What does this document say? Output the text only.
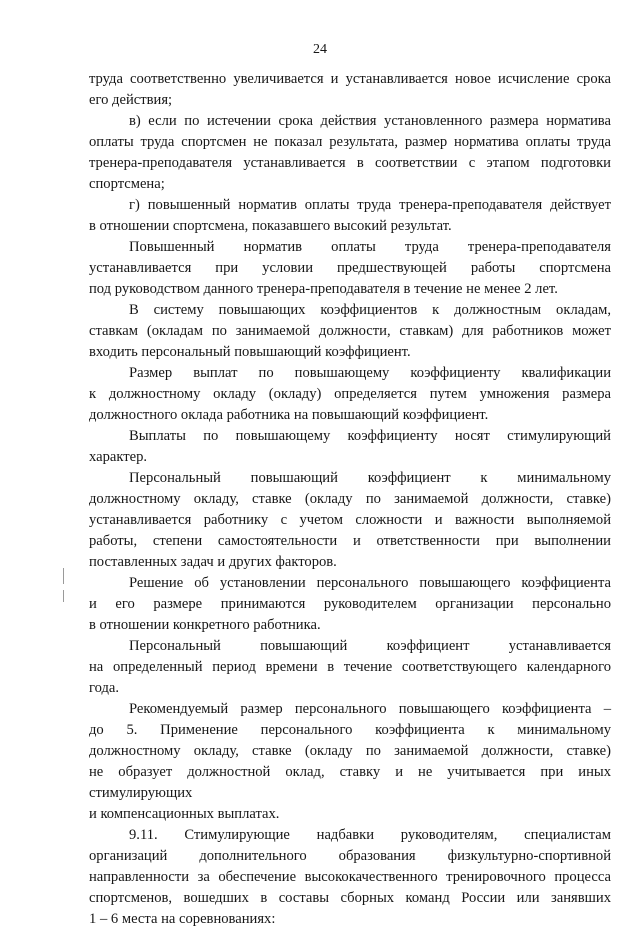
24
труда соответственно увеличивается и устанавливается новое исчисление срока
его действия;
в) если по истечении срока действия установленного размера норматива
оплаты труда спортсмен не показал результата, размер норматива оплаты труда
тренера-преподавателя устанавливается в соответствии с этапом подготовки
спортсмена;
г) повышенный норматив оплаты труда тренера-преподавателя действует
в отношении спортсмена, показавшего высокий результат.
Повышенный норматив оплаты труда тренера-преподавателя
устанавливается при условии предшествующей работы спортсмена
под руководством данного тренера-преподавателя в течение не менее 2 лет.
В систему повышающих коэффициентов к должностным окладам,
ставкам (окладам по занимаемой должности, ставкам) для работников может
входить персональный повышающий коэффициент.
Размер выплат по повышающему коэффициенту квалификации
к должностному окладу (окладу) определяется путем умножения размера
должностного оклада работника на повышающий коэффициент.
Выплаты по повышающему коэффициенту носят стимулирующий
характер.
Персональный повышающий коэффициент к минимальному
должностному окладу, ставке (окладу по занимаемой должности, ставке)
устанавливается работнику с учетом сложности и важности выполняемой
работы, степени самостоятельности и ответственности при выполнении
поставленных задач и других факторов.
Решение об установлении персонального повышающего коэффициента
и его размере принимаются руководителем организации персонально
в отношении конкретного работника.
Персональный повышающий коэффициент устанавливается
на определенный период времени в течение соответствующего календарного
года.
Рекомендуемый размер персонального повышающего коэффициента –
до 5. Применение персонального коэффициента к минимальному
должностному окладу, ставке (окладу по занимаемой должности, ставке)
не образует должностной оклад, ставку и не учитывается при иных
стимулирующих
и компенсационных выплатах.
9.11. Стимулирующие надбавки руководителям, специалистам
организаций дополнительного образования физкультурно-спортивной
направленности за обеспечение высококачественного тренировочного процесса
спортсменов, вошедших в составы сборных команд России или занявших
1 – 6 места на соревнованиях:
